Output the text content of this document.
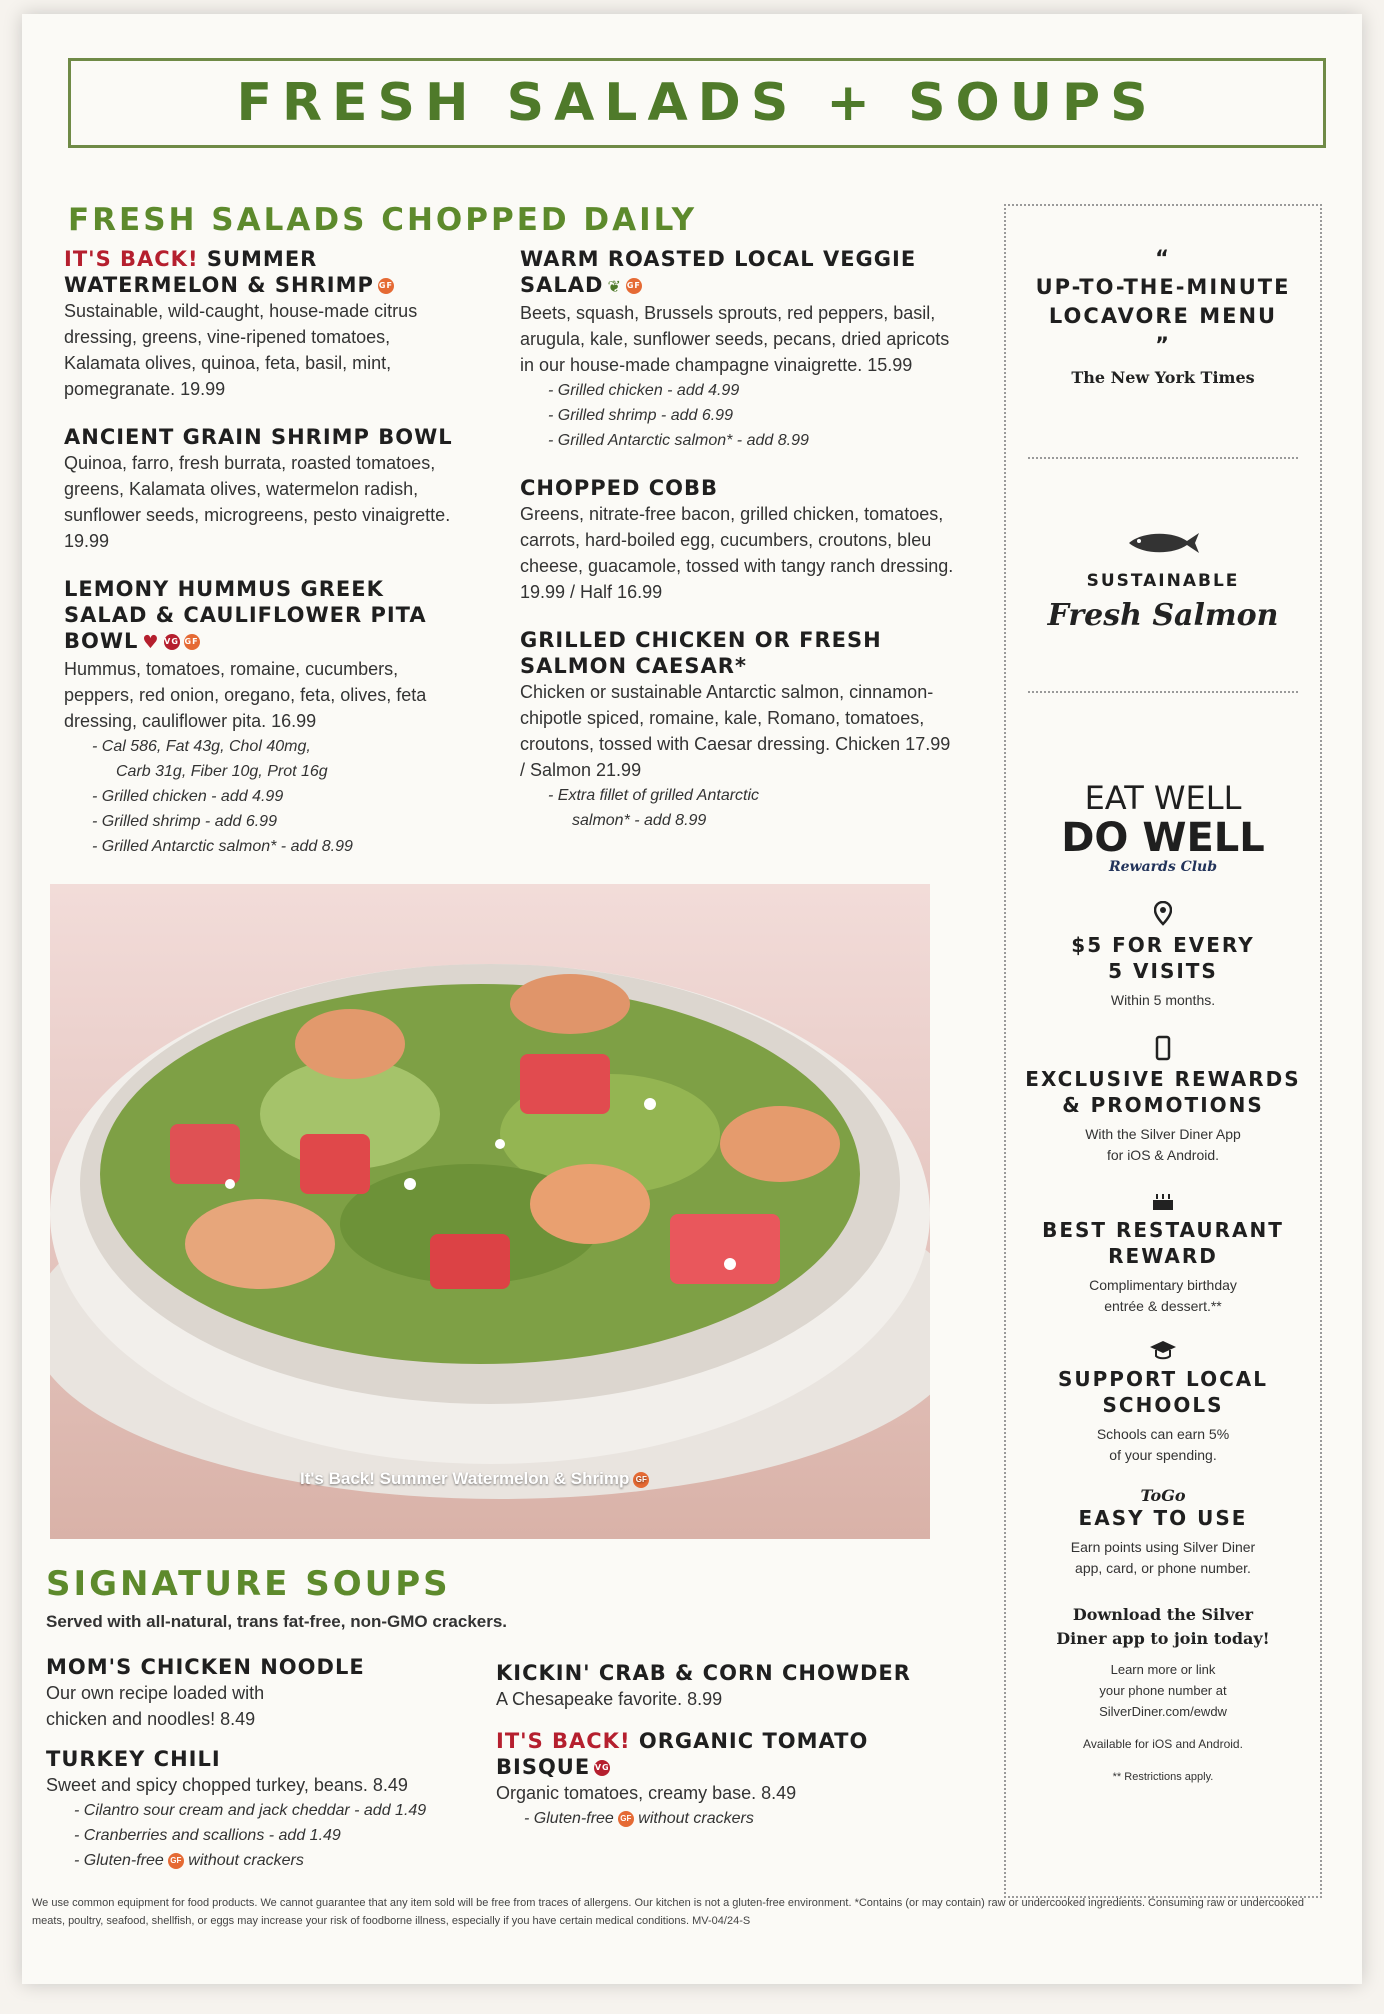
FRESH SALADS + SOUPS
FRESH SALADS CHOPPED DAILY
IT'S BACK! SUMMER WATERMELON & SHRIMP GF
Sustainable, wild-caught, house-made citrus dressing, greens, vine-ripened tomatoes, Kalamata olives, quinoa, feta, basil, mint, pomegranate. 19.99
ANCIENT GRAIN SHRIMP BOWL
Quinoa, farro, fresh burrata, roasted tomatoes, greens, Kalamata olives, watermelon radish, sunflower seeds, microgreens, pesto vinaigrette. 19.99
LEMONY HUMMUS GREEK SALAD & CAULIFLOWER PITA BOWL ♥ VG GF
Hummus, tomatoes, romaine, cucumbers, peppers, red onion, oregano, feta, olives, feta dressing, cauliflower pita. 16.99
- Cal 586, Fat 43g, Chol 40mg,
Carb 31g, Fiber 10g, Prot 16g
- Grilled chicken - add 4.99
- Grilled shrimp - add 6.99
- Grilled Antarctic salmon* - add 8.99
WARM ROASTED LOCAL VEGGIE SALAD ❦ GF
Beets, squash, Brussels sprouts, red peppers, basil, arugula, kale, sunflower seeds, pecans, dried apricots in our house-made champagne vinaigrette. 15.99
- Grilled chicken - add 4.99
- Grilled shrimp - add 6.99
- Grilled Antarctic salmon* - add 8.99
CHOPPED COBB
Greens, nitrate-free bacon, grilled chicken, tomatoes, carrots, hard-boiled egg, cucumbers, croutons, bleu cheese, guacamole, tossed with tangy ranch dressing. 19.99 / Half 16.99
GRILLED CHICKEN OR FRESH SALMON CAESAR*
Chicken or sustainable Antarctic salmon, cinnamon-chipotle spiced, romaine, kale, Romano, tomatoes, croutons, tossed with Caesar dressing. Chicken 17.99 / Salmon 21.99
- Extra fillet of grilled Antarctic
salmon* - add 8.99
It's Back! Summer Watermelon & Shrimp GF
SIGNATURE SOUPS
Served with all-natural, trans fat-free, non-GMO crackers.
MOM'S CHICKEN NOODLE
Our own recipe loaded with chicken and noodles! 8.49
TURKEY CHILI
Sweet and spicy chopped turkey, beans. 8.49
- Cilantro sour cream and jack cheddar - add 1.49
- Cranberries and scallions - add 1.49
- Gluten-free GF without crackers
KICKIN' CRAB & CORN CHOWDER
A Chesapeake favorite. 8.99
IT'S BACK! ORGANIC TOMATO BISQUE VG
Organic tomatoes, creamy base. 8.49
- Gluten-free GF without crackers
“
UP-TO-THE-MINUTE
LOCAVORE MENU
”
The New York Times
SUSTAINABLE
Fresh Salmon
EAT WELL
DO WELL
Rewards Club
$5 FOR EVERY
5 VISITS
Within 5 months.
EXCLUSIVE REWARDS
& PROMOTIONS
With the Silver Diner App
for iOS & Android.
BEST RESTAURANT
REWARD
Complimentary birthday
entrée & dessert.**
SUPPORT LOCAL
SCHOOLS
Schools can earn 5%
of your spending.
ToGo
EASY TO USE
Earn points using Silver Diner
app, card, or phone number.
Download the Silver
Diner app to join today!
Learn more or link
your phone number at
SilverDiner.com/ewdw
Available for iOS and Android.
** Restrictions apply.
We use common equipment for food products. We cannot guarantee that any item sold will be free from traces of allergens. Our kitchen is not a gluten-free environment. *Contains (or may contain) raw or undercooked ingredients. Consuming raw or undercooked meats, poultry, seafood, shellfish, or eggs may increase your risk of foodborne illness, especially if you have certain medical conditions. MV-04/24-S
